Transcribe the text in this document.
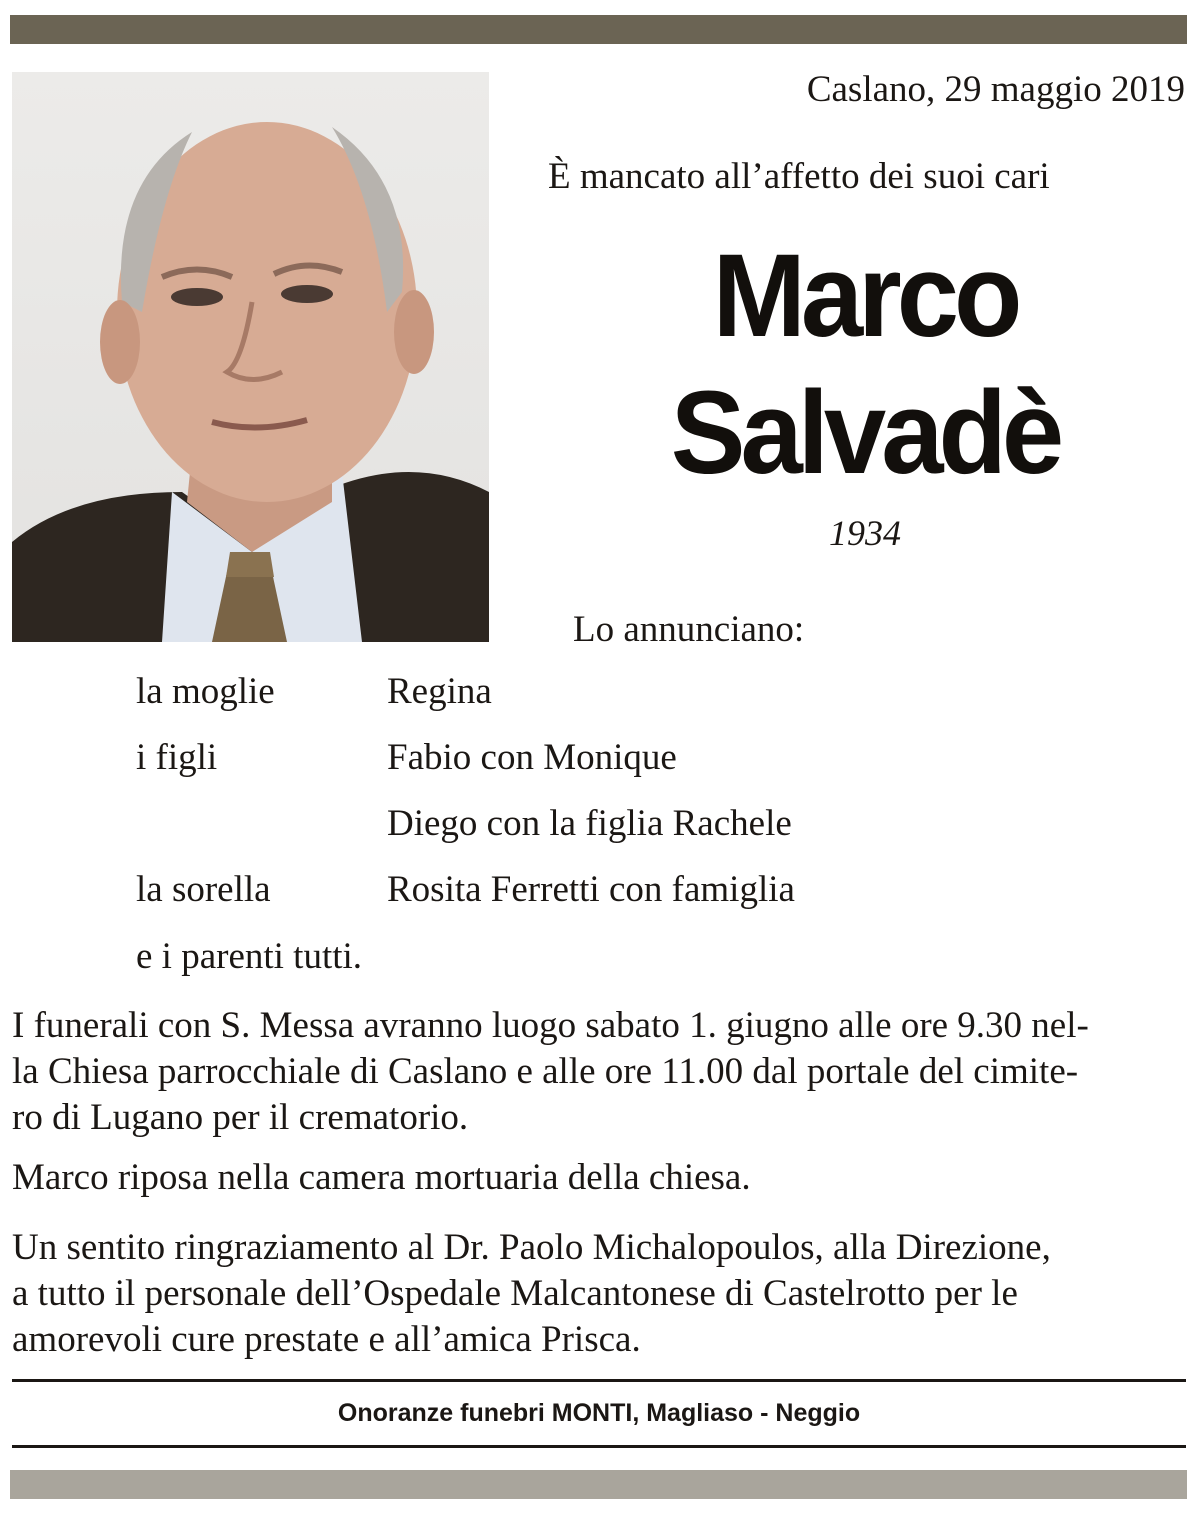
Caslano, 29 maggio 2019
È mancato all’affetto dei suoi cari
Marco
Salvadè
1934
Lo annunciano:
la moglie	Regina
i figli	Fabio con Monique
Diego con la figlia Rachele
la sorella	Rosita Ferretti con famiglia
e i parenti tutti.
I funerali con S. Messa avranno luogo sabato 1. giugno alle ore 9.30 nel-
la Chiesa parrocchiale di Caslano e alle ore 11.00 dal portale del cimite-
ro di Lugano per il crematorio.
Marco riposa nella camera mortuaria della chiesa.
Un sentito ringraziamento al Dr. Paolo Michalopoulos, alla Direzione,
a tutto il personale dell’Ospedale Malcantonese di Castelrotto per le
amorevoli cure prestate e all’amica Prisca.
Onoranze funebri MONTI, Magliaso - Neggio
